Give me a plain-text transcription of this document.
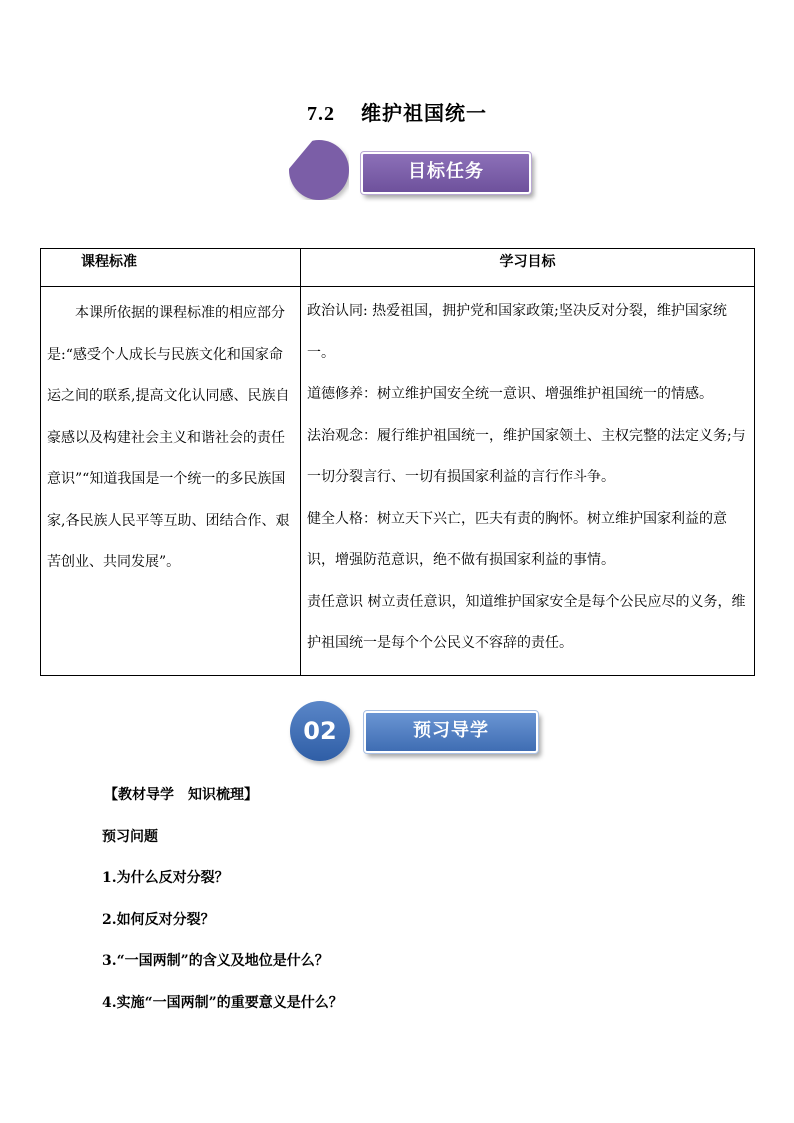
7.2 维护祖国统一
目标任务
课程标准	学习目标
本课所依据的课程标准的相应部分是:“感受个人成长与民族文化和国家命运之间的联系,提高文化认同感、民族自豪感以及构建社会主义和谐社会的责任意识”“知道我国是一个统一的多民族国家,各民族人民平等互助、团结合作、艰苦创业、共同发展”。	政治认同: 热爱祖国，拥护党和国家政策;坚决反对分裂，维护国家统一。

道德修养：树立维护国安全统一意识、增强维护祖国统一的情感。

法治观念：履行维护祖国统一，维护国家领土、主权完整的法定义务;与一切分裂言行、一切有损国家利益的言行作斗争。

健全人格：树立天下兴亡，匹夫有责的胸怀。树立维护国家利益的意识，增强防范意识，绝不做有损国家利益的事情。

责任意识 树立责任意识，知道维护国家安全是每个公民应尽的义务，维护祖国统一是每个个公民义不容辞的责任。

02	预习导学

【教材导学　知识梳理】

预习问题

1.为什么反对分裂？

2.如何反对分裂？

3.“一国两制”的含义及地位是什么？

4.实施“一国两制”的重要意义是什么？
